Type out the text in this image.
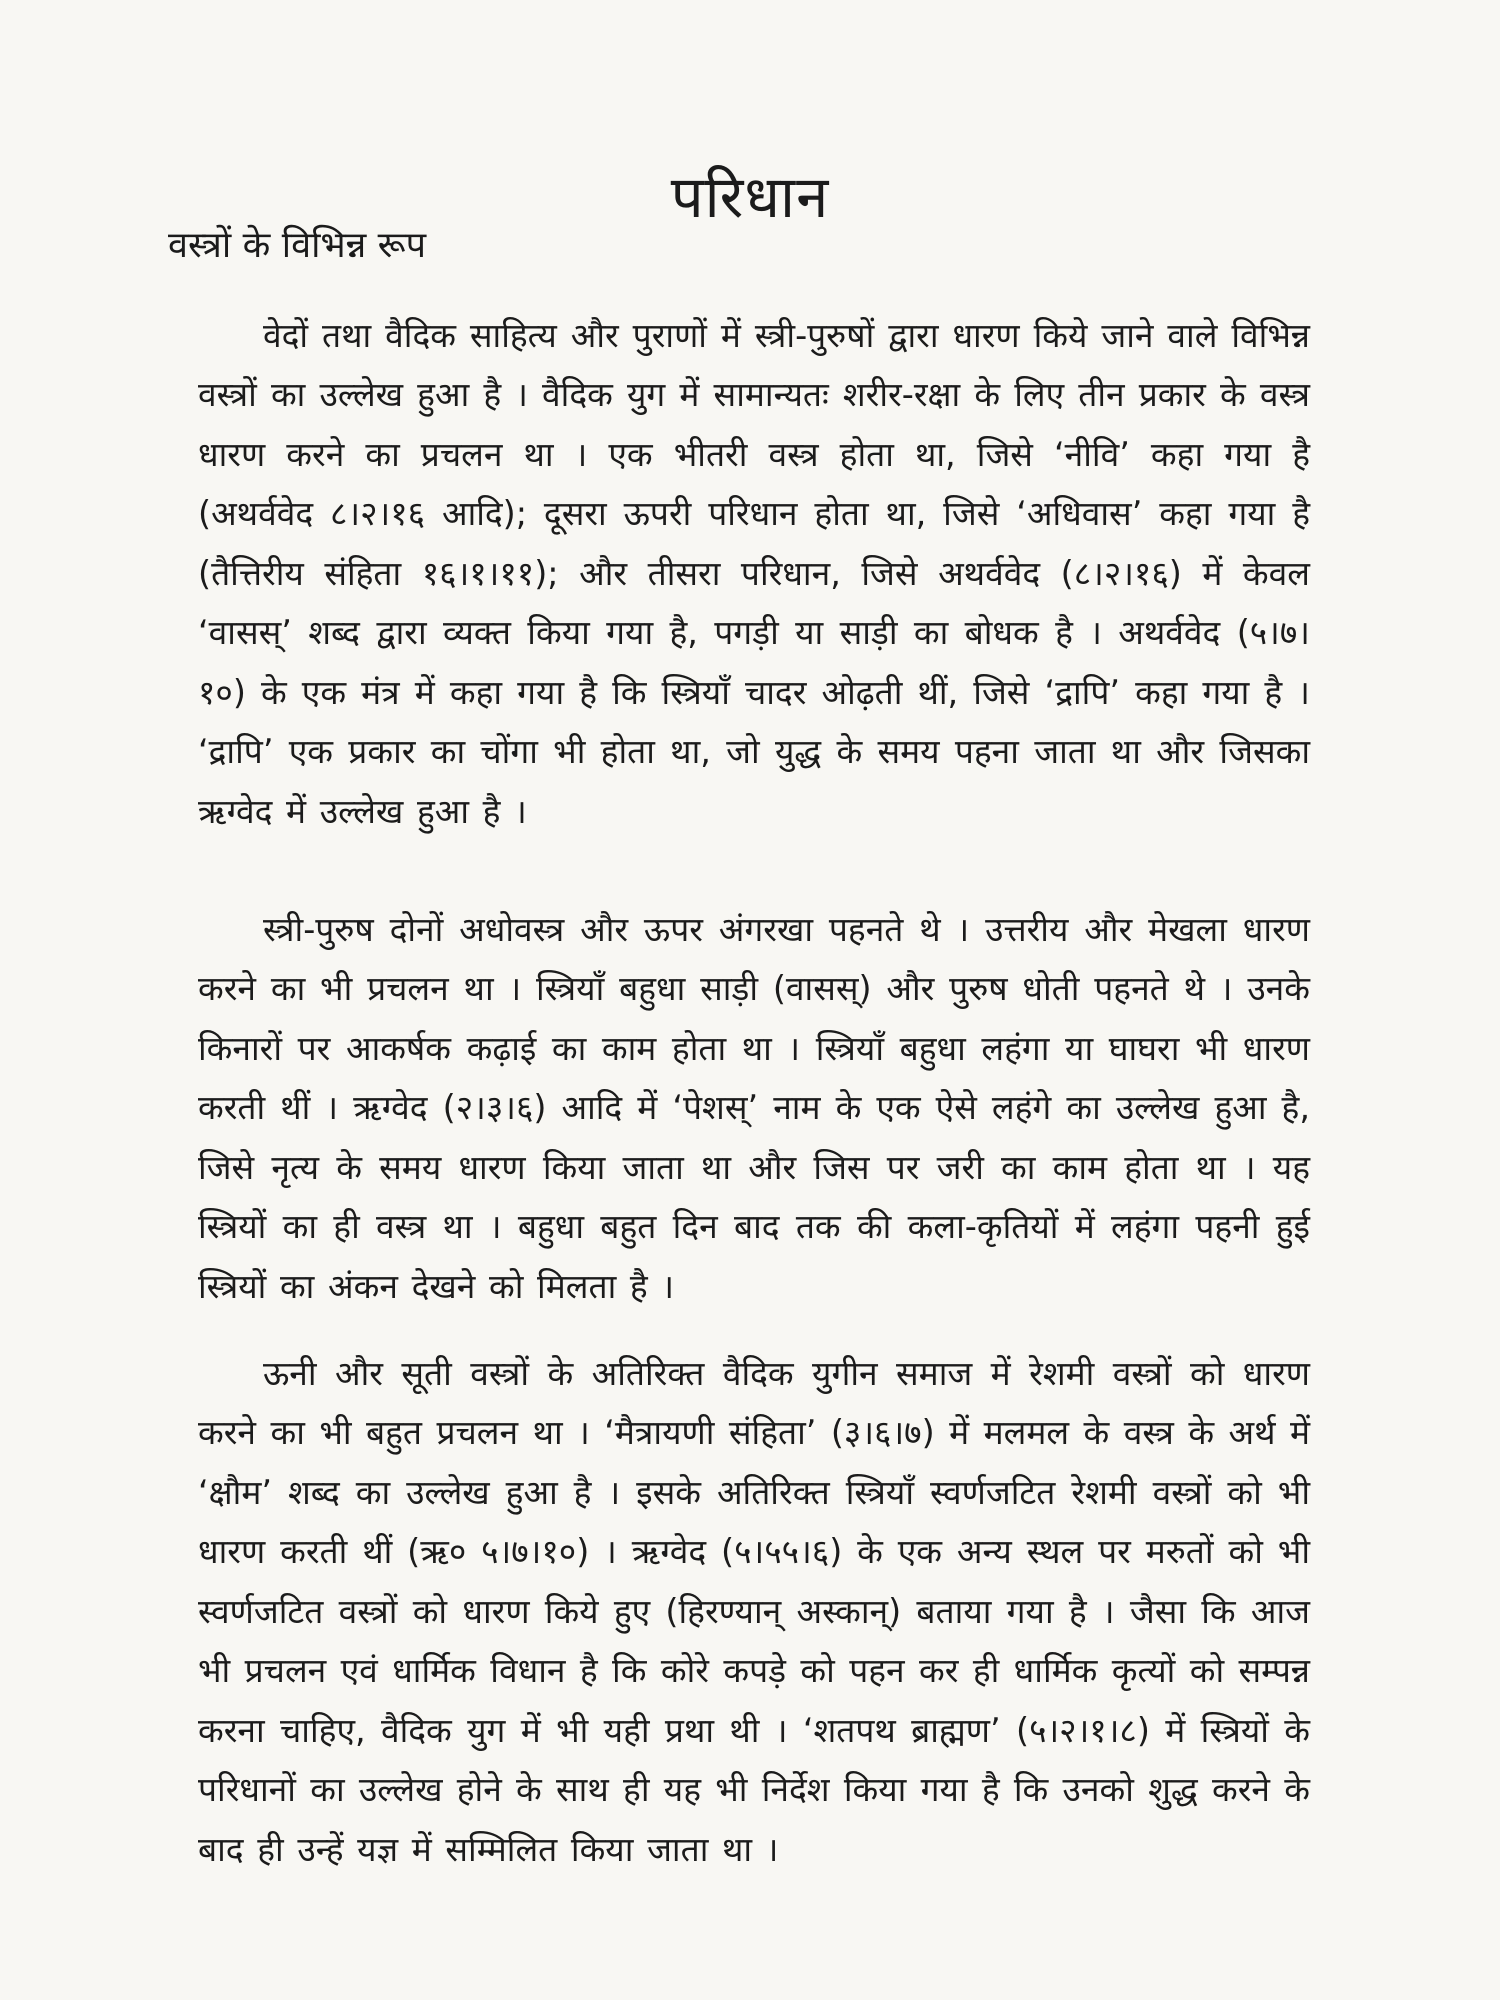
परिधान
वस्त्रों के विभिन्न रूप

वेदों तथा वैदिक साहित्य और पुराणों में स्त्री-पुरुषों द्वारा धारण किये जाने वाले विभिन्न वस्त्रों का उल्लेख हुआ है । वैदिक युग में सामान्यतः शरीर-रक्षा के लिए तीन प्रकार के वस्त्र धारण करने का प्रचलन था । एक भीतरी वस्त्र होता था, जिसे ‘नीवि’ कहा गया है (अथर्ववेद ८।२।१६ आदि); दूसरा ऊपरी परिधान होता था, जिसे ‘अधिवास’ कहा गया है (तैत्तिरीय संहिता १६।१।११); और तीसरा परिधान, जिसे अथर्ववेद (८।२।१६) में केवल ‘वासस्’ शब्द द्वारा व्यक्त किया गया है, पगड़ी या साड़ी का बोधक है । अथर्ववेद (५।७।१०) के एक मंत्र में कहा गया है कि स्त्रियाँ चादर ओढ़ती थीं, जिसे ‘द्रापि’ कहा गया है । ‘द्रापि’ एक प्रकार का चोंगा भी होता था, जो युद्ध के समय पहना जाता था और जिसका ऋग्वेद में उल्लेख हुआ है ।

स्त्री-पुरुष दोनों अधोवस्त्र और ऊपर अंगरखा पहनते थे । उत्तरीय और मेखला धारण करने का भी प्रचलन था । स्त्रियाँ बहुधा साड़ी (वासस्) और पुरुष धोती पहनते थे । उनके किनारों पर आकर्षक कढ़ाई का काम होता था । स्त्रियाँ बहुधा लहंगा या घाघरा भी धारण करती थीं । ऋग्वेद (२।३।६) आदि में ‘पेशस्’ नाम के एक ऐसे लहंगे का उल्लेख हुआ है, जिसे नृत्य के समय धारण किया जाता था और जिस पर जरी का काम होता था । यह स्त्रियों का ही वस्त्र था । बहुधा बहुत दिन बाद तक की कला-कृतियों में लहंगा पहनी हुई स्त्रियों का अंकन देखने को मिलता है ।

ऊनी और सूती वस्त्रों के अतिरिक्त वैदिक युगीन समाज में रेशमी वस्त्रों को धारण करने का भी बहुत प्रचलन था । ‘मैत्रायणी संहिता’ (३।६।७) में मलमल के वस्त्र के अर्थ में ‘क्षौम’ शब्द का उल्लेख हुआ है । इसके अतिरिक्त स्त्रियाँ स्वर्णजटित रेशमी वस्त्रों को भी धारण करती थीं (ऋ० ५।७।१०) । ऋग्वेद (५।५५।६) के एक अन्य स्थल पर मरुतों को भी स्वर्णजटित वस्त्रों को धारण किये हुए (हिरण्यान् अस्कान्) बताया गया है । जैसा कि आज भी प्रचलन एवं धार्मिक विधान है कि कोरे कपड़े को पहन कर ही धार्मिक कृत्यों को सम्पन्न करना चाहिए, वैदिक युग में भी यही प्रथा थी । ‘शतपथ ब्राह्मण’ (५।२।१।८) में स्त्रियों के परिधानों का उल्लेख होने के साथ ही यह भी निर्देश किया गया है कि उनको शुद्ध करने के बाद ही उन्हें यज्ञ में सम्मिलित किया जाता था ।
